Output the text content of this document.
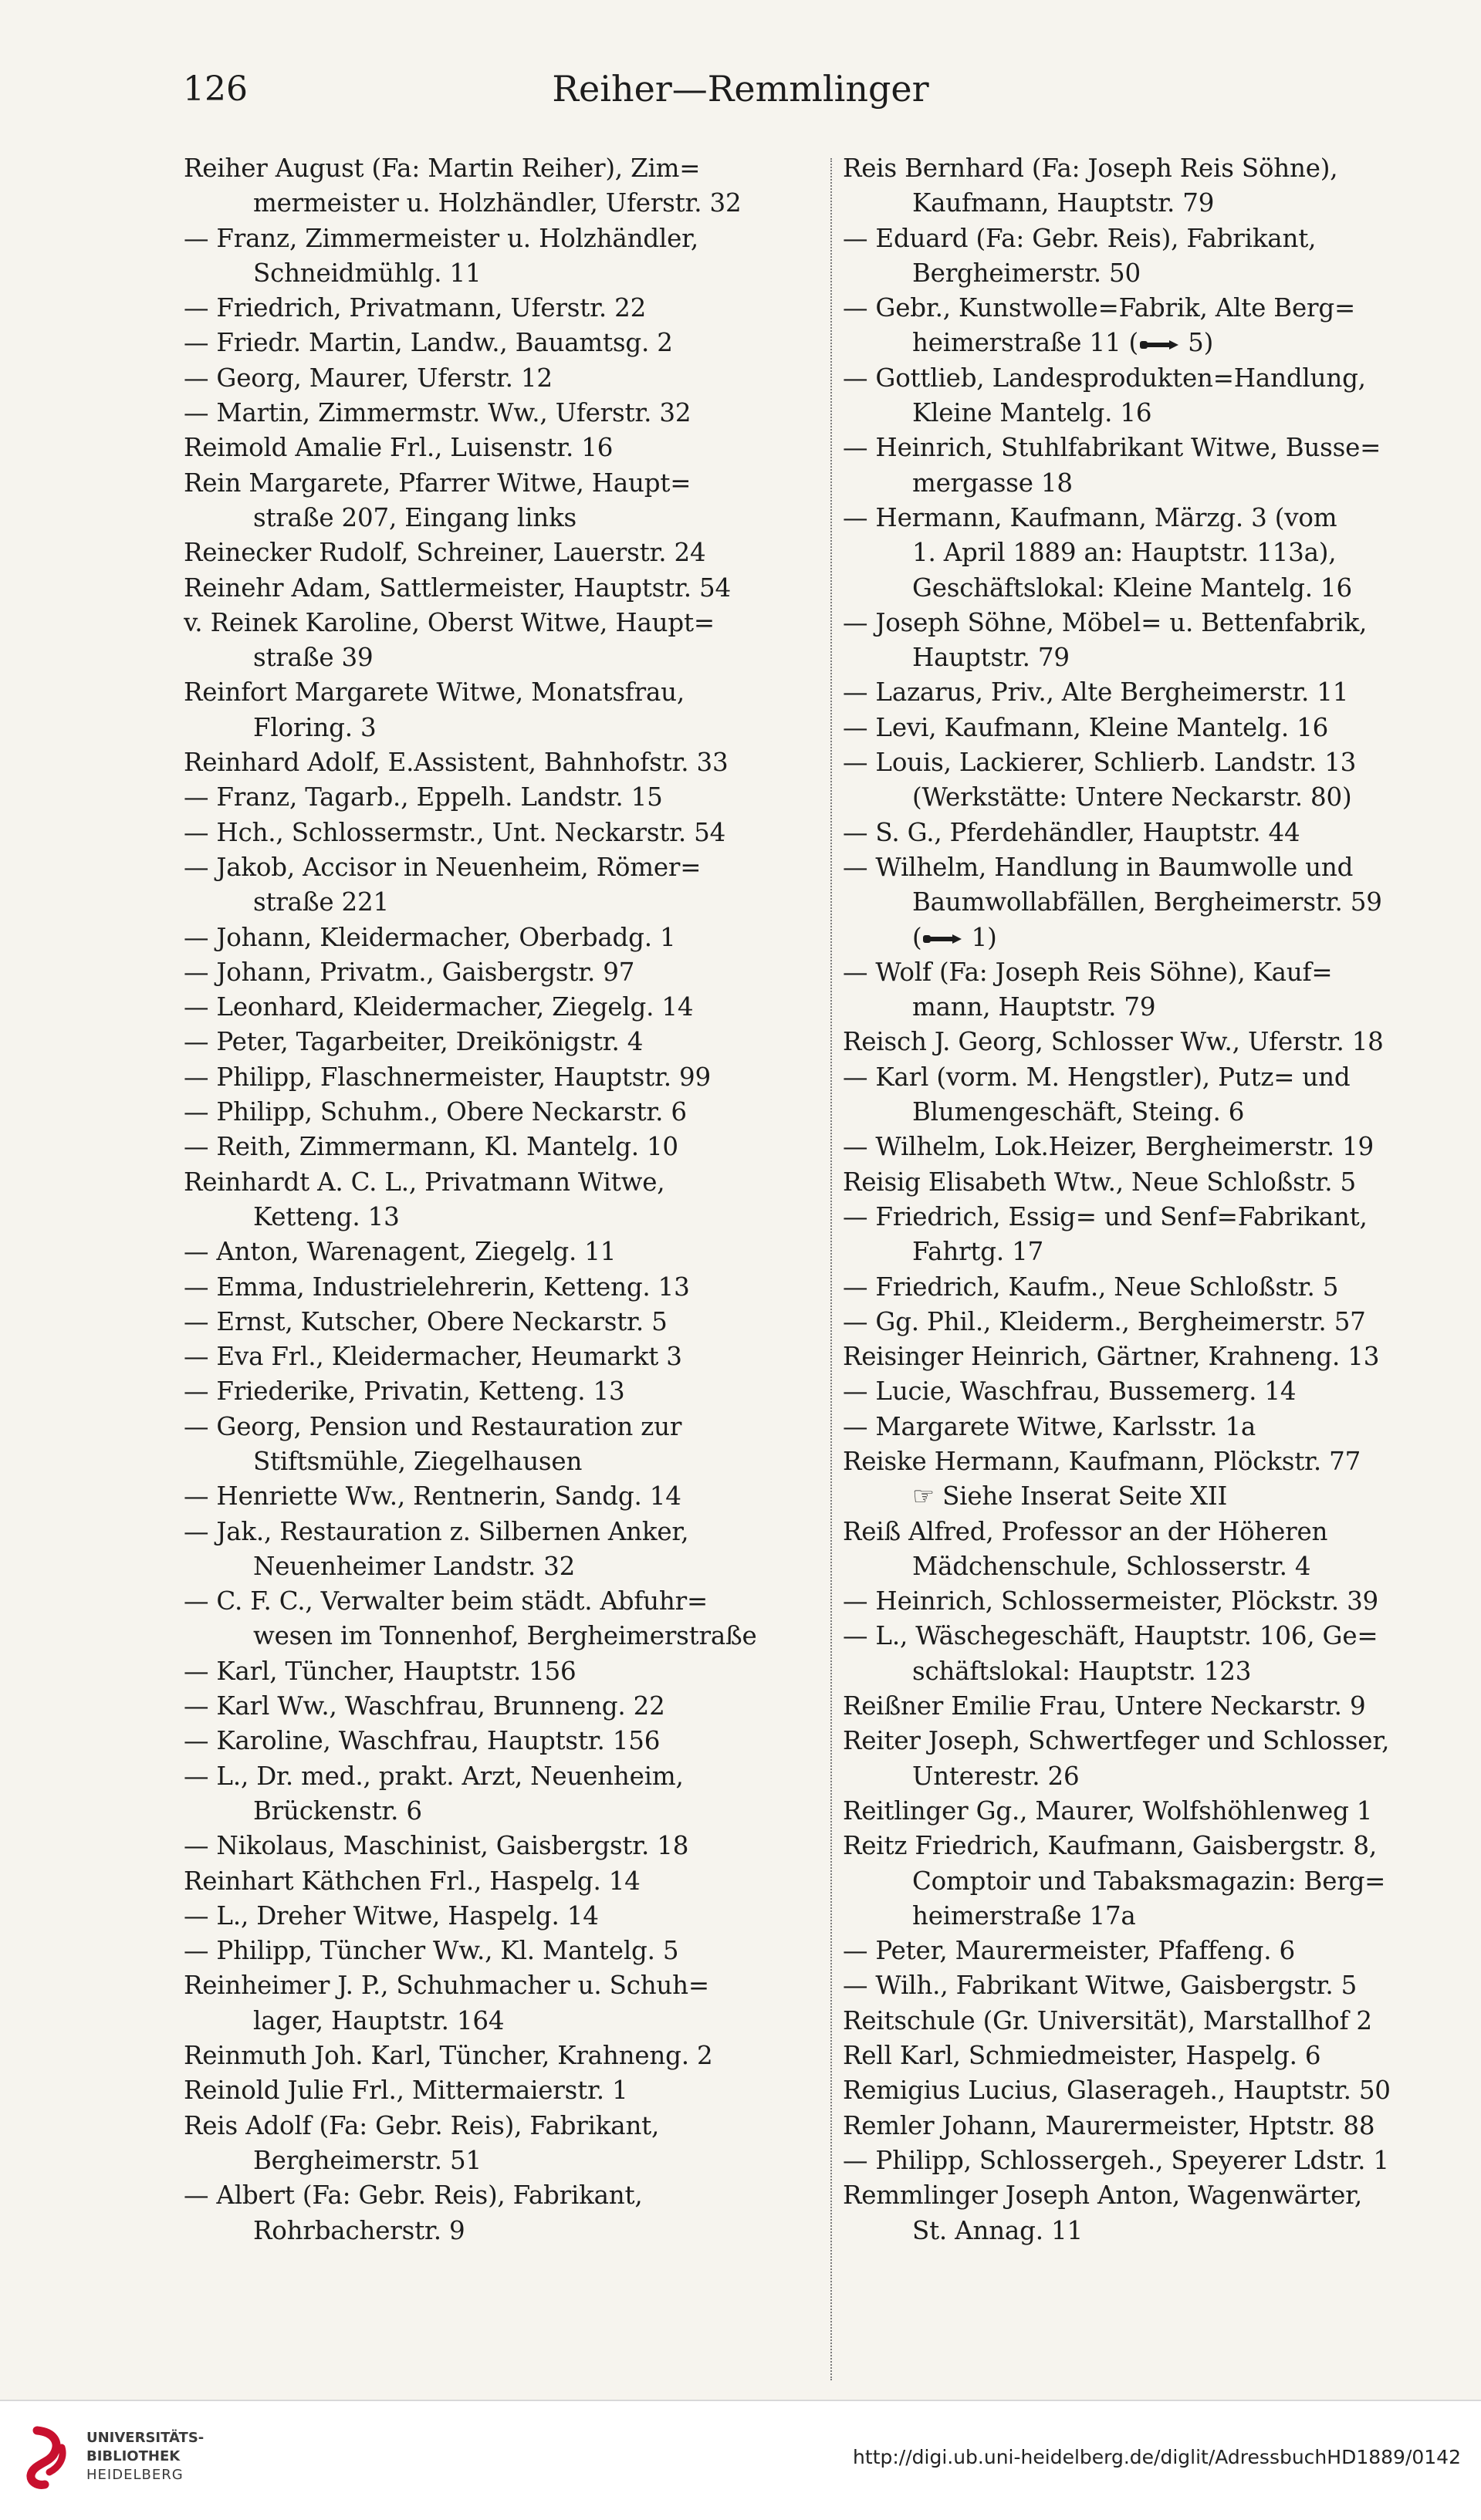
126	Reiher—Remmlinger
Reiher August (Fa: Martin Reiher), Zim=
mermeister u. Holzhändler, Uferstr. 32
— Franz, Zimmermeister u. Holzhändler,
Schneidmühlg. 11
— Friedrich, Privatmann, Uferstr. 22
— Friedr. Martin, Landw., Bauamtsg. 2
— Georg, Maurer, Uferstr. 12
— Martin, Zimmermstr. Ww., Uferstr. 32
Reimold Amalie Frl., Luisenstr. 16
Rein Margarete, Pfarrer Witwe, Haupt=
straße 207, Eingang links
Reinecker Rudolf, Schreiner, Lauerstr. 24
Reinehr Adam, Sattlermeister, Hauptstr. 54
v. Reinek Karoline, Oberst Witwe, Haupt=
straße 39
Reinfort Margarete Witwe, Monatsfrau,
Floring. 3
Reinhard Adolf, E.Assistent, Bahnhofstr. 33
— Franz, Tagarb., Eppelh. Landstr. 15
— Hch., Schlossermstr., Unt. Neckarstr. 54
— Jakob, Accisor in Neuenheim, Römer=
straße 221
— Johann, Kleidermacher, Oberbadg. 1
— Johann, Privatm., Gaisbergstr. 97
— Leonhard, Kleidermacher, Ziegelg. 14
— Peter, Tagarbeiter, Dreikönigstr. 4
— Philipp, Flaschnermeister, Hauptstr. 99
— Philipp, Schuhm., Obere Neckarstr. 6
— Reith, Zimmermann, Kl. Mantelg. 10
Reinhardt A. C. L., Privatmann Witwe,
Ketteng. 13
— Anton, Warenagent, Ziegelg. 11
— Emma, Industrielehrerin, Ketteng. 13
— Ernst, Kutscher, Obere Neckarstr. 5
— Eva Frl., Kleidermacher, Heumarkt 3
— Friederike, Privatin, Ketteng. 13
— Georg, Pension und Restauration zur
Stiftsmühle, Ziegelhausen
— Henriette Ww., Rentnerin, Sandg. 14
— Jak., Restauration z. Silbernen Anker,
Neuenheimer Landstr. 32
— C. F. C., Verwalter beim städt. Abfuhr=
wesen im Tonnenhof, Bergheimerstraße
— Karl, Tüncher, Hauptstr. 156
— Karl Ww., Waschfrau, Brunneng. 22
— Karoline, Waschfrau, Hauptstr. 156
— L., Dr. med., prakt. Arzt, Neuenheim,
Brückenstr. 6
— Nikolaus, Maschinist, Gaisbergstr. 18
Reinhart Käthchen Frl., Haspelg. 14
— L., Dreher Witwe, Haspelg. 14
— Philipp, Tüncher Ww., Kl. Mantelg. 5
Reinheimer J. P., Schuhmacher u. Schuh=
lager, Hauptstr. 164
Reinmuth Joh. Karl, Tüncher, Krahneng. 2
Reinold Julie Frl., Mittermaierstr. 1
Reis Adolf (Fa: Gebr. Reis), Fabrikant,
Bergheimerstr. 51
— Albert (Fa: Gebr. Reis), Fabrikant,
Rohrbacherstr. 9
Reis Bernhard (Fa: Joseph Reis Söhne),
Kaufmann, Hauptstr. 79
— Eduard (Fa: Gebr. Reis), Fabrikant,
Bergheimerstr. 50
— Gebr., Kunstwolle=Fabrik, Alte Berg=
heimerstraße 11 ( 5)
— Gottlieb, Landesprodukten=Handlung,
Kleine Mantelg. 16
— Heinrich, Stuhlfabrikant Witwe, Busse=
mergasse 18
— Hermann, Kaufmann, Märzg. 3 (vom
1. April 1889 an: Hauptstr. 113a),
Geschäftslokal: Kleine Mantelg. 16
— Joseph Söhne, Möbel= u. Bettenfabrik,
Hauptstr. 79
— Lazarus, Priv., Alte Bergheimerstr. 11
— Levi, Kaufmann, Kleine Mantelg. 16
— Louis, Lackierer, Schlierb. Landstr. 13
(Werkstätte: Untere Neckarstr. 80)
— S. G., Pferdehändler, Hauptstr. 44
— Wilhelm, Handlung in Baumwolle und
Baumwollabfällen, Bergheimerstr. 59
( 1)
— Wolf (Fa: Joseph Reis Söhne), Kauf=
mann, Hauptstr. 79
Reisch J. Georg, Schlosser Ww., Uferstr. 18
— Karl (vorm. M. Hengstler), Putz= und
Blumengeschäft, Steing. 6
— Wilhelm, Lok.Heizer, Bergheimerstr. 19
Reisig Elisabeth Wtw., Neue Schloßstr. 5
— Friedrich, Essig= und Senf=Fabrikant,
Fahrtg. 17
— Friedrich, Kaufm., Neue Schloßstr. 5
— Gg. Phil., Kleiderm., Bergheimerstr. 57
Reisinger Heinrich, Gärtner, Krahneng. 13
— Lucie, Waschfrau, Bussemerg. 14
— Margarete Witwe, Karlsstr. 1a
Reiske Hermann, Kaufmann, Plöckstr. 77
☞ Siehe Inserat Seite XII
Reiß Alfred, Professor an der Höheren
Mädchenschule, Schlosserstr. 4
— Heinrich, Schlossermeister, Plöckstr. 39
— L., Wäschegeschäft, Hauptstr. 106, Ge=
schäftslokal: Hauptstr. 123
Reißner Emilie Frau, Untere Neckarstr. 9
Reiter Joseph, Schwertfeger und Schlosser,
Unterestr. 26
Reitlinger Gg., Maurer, Wolfshöhlenweg 1
Reitz Friedrich, Kaufmann, Gaisbergstr. 8,
Comptoir und Tabaksmagazin: Berg=
heimerstraße 17a
— Peter, Maurermeister, Pfaffeng. 6
— Wilh., Fabrikant Witwe, Gaisbergstr. 5
Reitschule (Gr. Universität), Marstallhof 2
Rell Karl, Schmiedmeister, Haspelg. 6
Remigius Lucius, Glaserageh., Hauptstr. 50
Remler Johann, Maurermeister, Hptstr. 88
— Philipp, Schlossergeh., Speyerer Ldstr. 1
Remmlinger Joseph Anton, Wagenwärter,
St. Annag. 11
UNIVERSITÄTS-
BIBLIOTHEK
HEIDELBERG
http://digi.ub.uni-heidelberg.de/diglit/AdressbuchHD1889/0142
